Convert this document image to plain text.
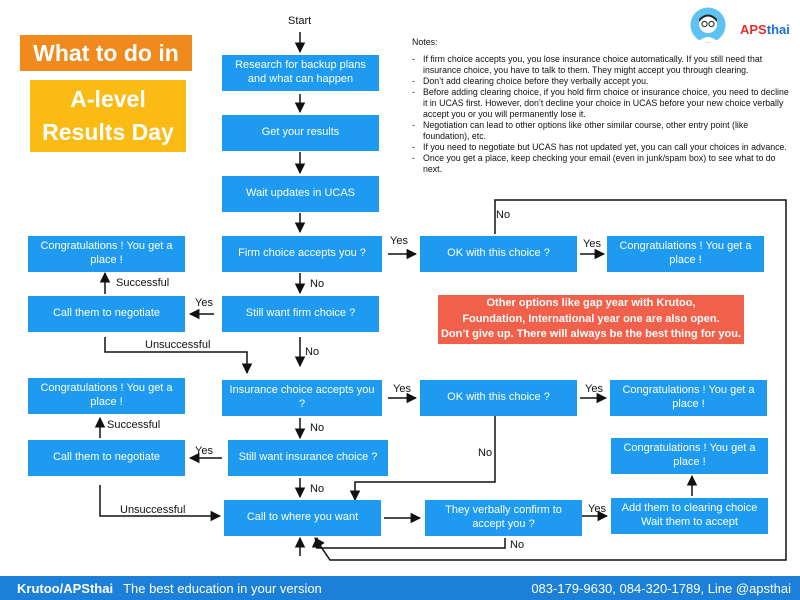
What to do in
A-level
Results Day
APSthai
Notes:
- If firm choice accepts you, you lose insurance choice automatically. If you still need that insurance choice, you have to talk to them. They might accept you through clearing.
- Don’t add clearing choice before they verbally accept you.
- Before adding clearing choice, if you hold firm choice or insurance choice, you need to decline it in UCAS first. However, don’t decline your choice in UCAS before your new choice verbally accept you or you will permanently lose it.
- Negotiation can lead to other options like other similar course, other entry point (like foundation), etc.
- If you need to negotiate but UCAS has not updated yet, you can call your choices in advance.
- Once you get a place, keep checking your email (even in junk/spam box) to see what to do next.
Start
Research for backup plans and what can happen
Get your results
Wait updates in UCAS
Firm choice accepts you ?	OK with this choice ?
Congratulations ! You get a place !
Congratulations ! You get a place !
Call them to negotiate	Still want firm choice ?
Insurance choice accepts you ?
OK with this choice ?
Congratulations ! You get a place !
Congratulations ! You get a place !
Call them to negotiate	Still want insurance choice ?
Call to where you want
They verbally confirm to accept you ?
Add them to clearing choice Wait them to accept
Congratulations ! You get a place !
Yes	Yes
No
No
Yes
Successful
Unsuccessful
No
Yes	Yes
No
Successful
Yes	No
No
Unsuccessful	Yes
No
Other options like gap year with Krutoo,
Foundation, International year one are also open.
Don’t give up. There will always be the best thing for you.
Krutoo/APSthai The best education in your version	083-179-9630, 084-320-1789, Line @apsthai
